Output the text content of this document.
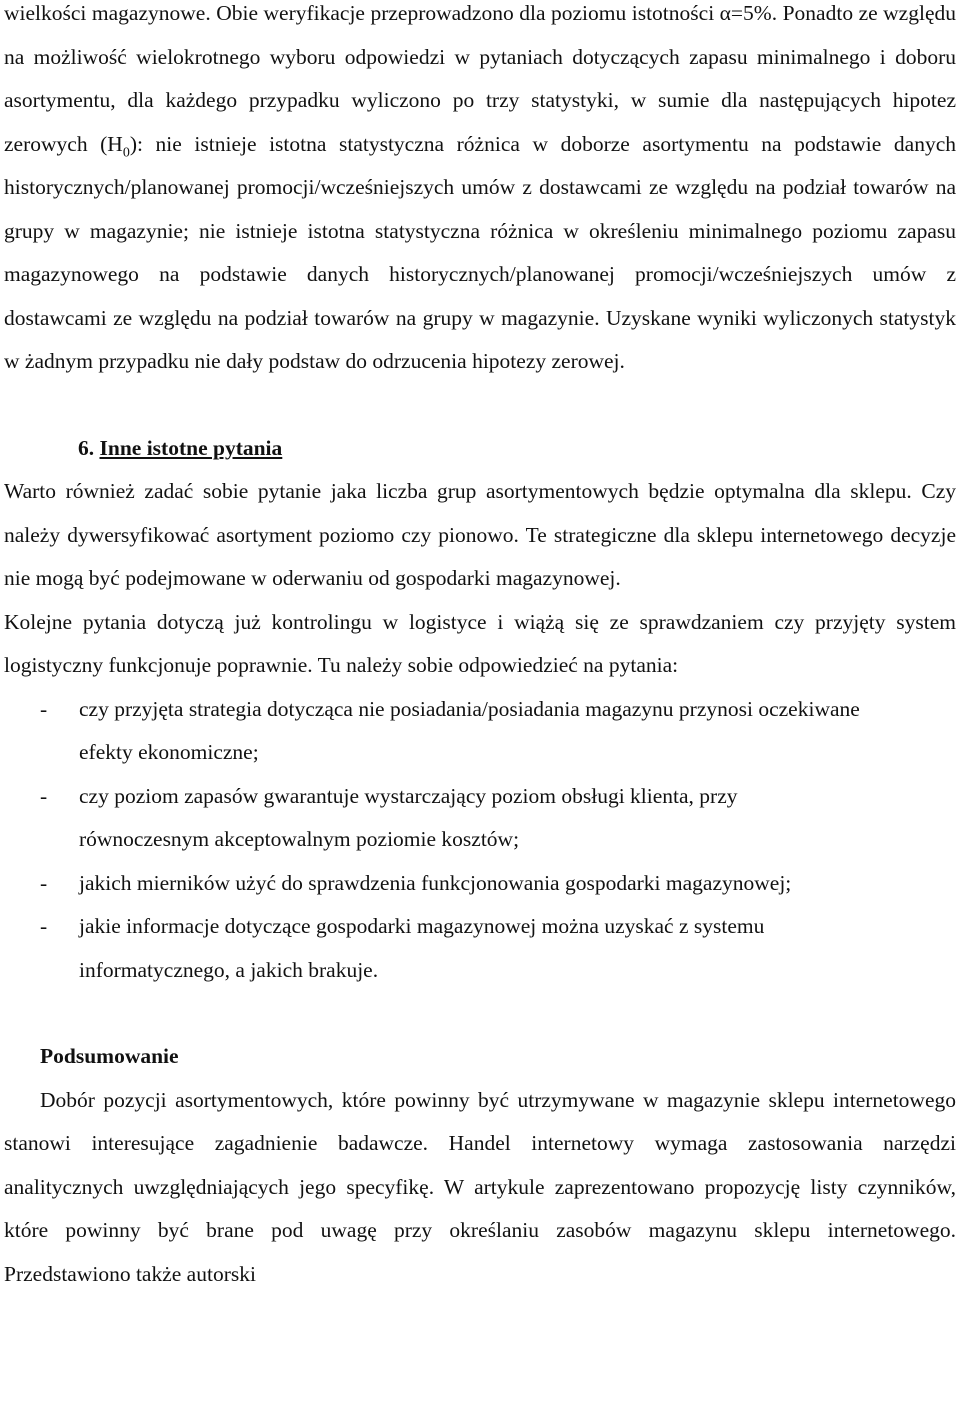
wielkości magazynowe. Obie weryfikacje przeprowadzono dla poziomu istotności α=5%. Ponadto ze względu na możliwość wielokrotnego wyboru odpowiedzi w pytaniach dotyczących zapasu minimalnego i doboru asortymentu, dla każdego przypadku wyliczono po trzy statystyki, w sumie dla następujących hipotez zerowych $(H_0)$: nie istnieje istotna statystyczna różnica w doborze asortymentu na podstawie danych historycznych/planowanej promocji/wcześniejszych umów z dostawcami ze względu na podział towarów na grupy w magazynie; nie istnieje istotna statystyczna różnica w określeniu minimalnego poziomu zapasu magazynowego na podstawie danych historycznych/planowanej promocji/wcześniejszych umów z dostawcami ze względu na podział towarów na grupy w magazynie. Uzyskane wyniki wyliczonych statystyk w żadnym przypadku nie dały podstaw do odrzucenia hipotezy zerowej.

6. Inne istotne pytania

Warto również zadać sobie pytanie jaka liczba grup asortymentowych będzie optymalna dla sklepu. Czy należy dywersyfikować asortyment poziomo czy pionowo. Te strategiczne dla sklepu internetowego decyzje nie mogą być podejmowane w oderwaniu od gospodarki magazynowej.

Kolejne pytania dotyczą już kontrolingu w logistyce i wiążą się ze sprawdzaniem czy przyjęty system logistyczny funkcjonuje poprawnie. Tu należy sobie odpowiedzieć na pytania:

- czy przyjęta strategia dotycząca nie posiadania/posiadania magazynu przynosi oczekiwane efekty ekonomiczne;
- czy poziom zapasów gwarantuje wystarczający poziom obsługi klienta, przy równoczesnym akceptowalnym poziomie kosztów;
- jakich mierników użyć do sprawdzenia funkcjonowania gospodarki magazynowej;
- jakie informacje dotyczące gospodarki magazynowej można uzyskać z systemu informatycznego, a jakich brakuje.
Podsumowanie

Dobór pozycji asortymentowych, które powinny być utrzymywane w magazynie sklepu internetowego stanowi interesujące zagadnienie badawcze. Handel internetowy wymaga zastosowania narzędzi analitycznych uwzględniających jego specyfikę. W artykule zaprezentowano propozycję listy czynników, które powinny być brane pod uwagę przy określaniu zasobów magazynu sklepu internetowego. Przedstawiono także autorski
